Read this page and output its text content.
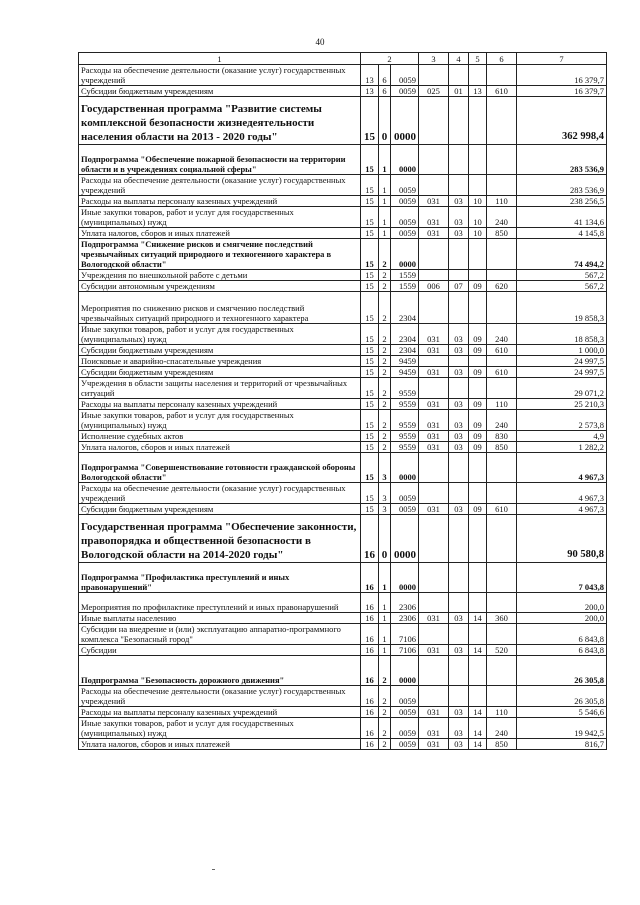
40
1	2			3	4	5	6	7
Расходы на обеспечение деятельности (оказание услуг) государственных учреждений	13	6	0059					16 379,7
Субсидии бюджетным учреждениям	13	6	0059	025	01	13	610	16 379,7
Государственная программа "Развитие системы комплексной безопасности жизнедеятельности населения области на 2013 - 2020 годы"	15	0	0000					362 998,4
Подпрограмма "Обеспечение пожарной безопасности на территории области и в учреждениях социальной сферы"	15	1	0000					283 536,9
Расходы на обеспечение деятельности (оказание услуг) государственных учреждений	15	1	0059					283 536,9
Расходы на выплаты персоналу казенных учреждений	15	1	0059	031	03	10	110	238 256,5
Иные закупки товаров, работ и услуг для государственных (муниципальных) нужд	15	1	0059	031	03	10	240	41 134,6
Уплата налогов, сборов и иных платежей	15	1	0059	031	03	10	850	4 145,8
Подпрограмма "Снижение рисков и смягчение последствий чрезвычайных ситуаций природного и техногенного характера в Вологодской области"	15	2	0000					74 494,2
Учреждения по внешкольной работе с детьми	15	2	1559					567,2
Субсидии автономным учреждениям	15	2	1559	006	07	09	620	567,2
Мероприятия по снижению рисков и смягчению последствий чрезвычайных ситуаций природного и техногенного характера	15	2	2304					19 858,3
Иные закупки товаров, работ и услуг для государственных (муниципальных) нужд	15	2	2304	031	03	09	240	18 858,3
Субсидии бюджетным учреждениям	15	2	2304	031	03	09	610	1 000,0
Поисковые и аварийно-спасательные учреждения	15	2	9459					24 997,5
Субсидии бюджетным учреждениям	15	2	9459	031	03	09	610	24 997,5
Учреждения в области защиты населения и территорий от чрезвычайных ситуаций	15	2	9559					29 071,2
Расходы на выплаты персоналу казенных учреждений	15	2	9559	031	03	09	110	25 210,3
Иные закупки товаров, работ и услуг для государственных (муниципальных) нужд	15	2	9559	031	03	09	240	2 573,8
Исполнение судебных актов	15	2	9559	031	03	09	830	4,9
Уплата налогов, сборов и иных платежей	15	2	9559	031	03	09	850	1 282,2
Подпрограмма "Совершенствование готовности гражданской обороны Вологодской области"	15	3	0000					4 967,3
Расходы на обеспечение деятельности (оказание услуг) государственных учреждений	15	3	0059					4 967,3
Субсидии бюджетным учреждениям	15	3	0059	031	03	09	610	4 967,3
Государственная программа "Обеспечение законности, правопорядка и общественной безопасности в Вологодской области на 2014-2020 годы"	16	0	0000					90 580,8
Подпрограмма "Профилактика преступлений и иных правонарушений"	16	1	0000					7 043,8
Мероприятия по профилактике преступлений и иных правонарушений	16	1	2306					200,0
Иные выплаты населению	16	1	2306	031	03	14	360	200,0
Субсидии на внедрение и (или) эксплуатацию аппаратно-программного комплекса "Безопасный город"	16	1	7106					6 843,8
Субсидии	16	1	7106	031	03	14	520	6 843,8
Подпрограмма "Безопасность дорожного движения"	16	2	0000					26 305,8
Расходы на обеспечение деятельности (оказание услуг) государственных учреждений	16	2	0059					26 305,8
Расходы на выплаты персоналу казенных учреждений	16	2	0059	031	03	14	110	5 546,6
Иные закупки товаров, работ и услуг для государственных (муниципальных) нужд	16	2	0059	031	03	14	240	19 942,5
Уплата налогов, сборов и иных платежей	16	2	0059	031	03	14	850	816,7
